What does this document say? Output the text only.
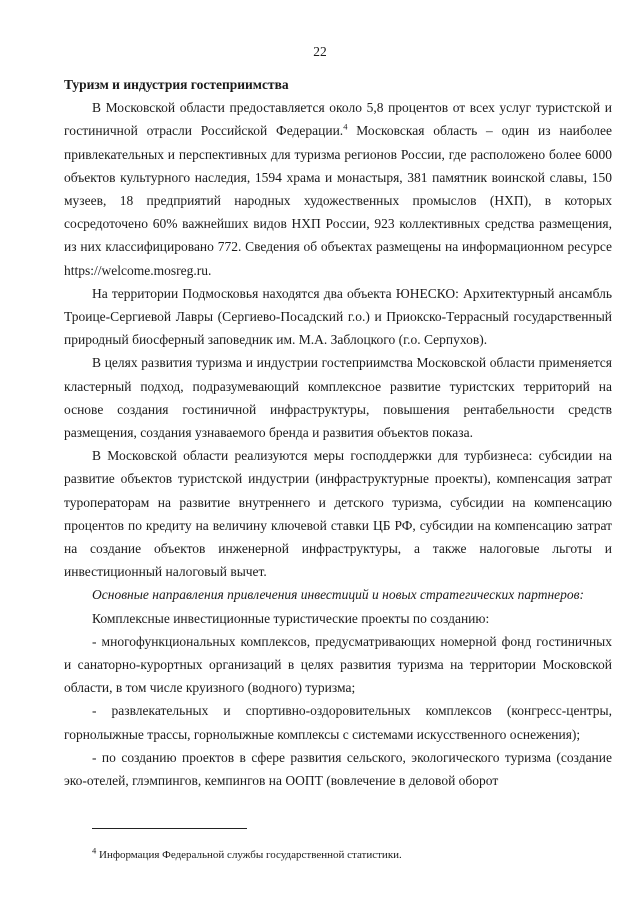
22

Туризм и индустрия гостеприимства

В Московской области предоставляется около 5,8 процентов от всех услуг туристской и гостиничной отрасли Российской Федерации.$^4$ Московская область – один из наиболее привлекательных и перспективных для туризма регионов России, где расположено более 6000 объектов культурного наследия, 1594 храма и монастыря, 381 памятник воинской славы, 150 музеев, 18 предприятий народных художественных промыслов (НХП), в которых сосредоточено 60% важнейших видов НХП России, 923 коллективных средства размещения, из них классифицировано 772. Сведения об объектах размещены на информационном ресурсе https://welcome.mosreg.ru.

На территории Подмосковья находятся два объекта ЮНЕСКО: Архитектурный ансамбль Троице-Сергиевой Лавры (Сергиево-Посадский г.о.) и Приокско-Террасный государственный природный биосферный заповедник им. М.А. Заблоцкого (г.о. Серпухов).

В целях развития туризма и индустрии гостеприимства Московской области применяется кластерный подход, подразумевающий комплексное развитие туристских территорий на основе создания гостиничной инфраструктуры, повышения рентабельности средств размещения, создания узнаваемого бренда и развития объектов показа.

В Московской области реализуются меры господдержки для турбизнеса: субсидии на развитие объектов туристской индустрии (инфраструктурные проекты), компенсация затрат туроператорам на развитие внутреннего и детского туризма, субсидии на компенсацию процентов по кредиту на величину ключевой ставки ЦБ РФ, субсидии на компенсацию затрат на создание объектов инженерной инфраструктуры, а также налоговые льготы и инвестиционный налоговый вычет.

Основные направления привлечения инвестиций и новых стратегических партнеров:

Комплексные инвестиционные туристические проекты по созданию:

- многофункциональных комплексов, предусматривающих номерной фонд гостиничных и санаторно-курортных организаций в целях развития туризма на территории Московской области, в том числе круизного (водного) туризма;

- развлекательных и спортивно-оздоровительных комплексов (конгресс-центры, горнолыжные трассы, горнолыжные комплексы с системами искусственного оснежения);

- по созданию проектов в сфере развития сельского, экологического туризма (создание эко-отелей, глэмпингов, кемпингов на ООПТ (вовлечение в деловой оборот

$^4$ Информация Федеральной службы государственной статистики.
